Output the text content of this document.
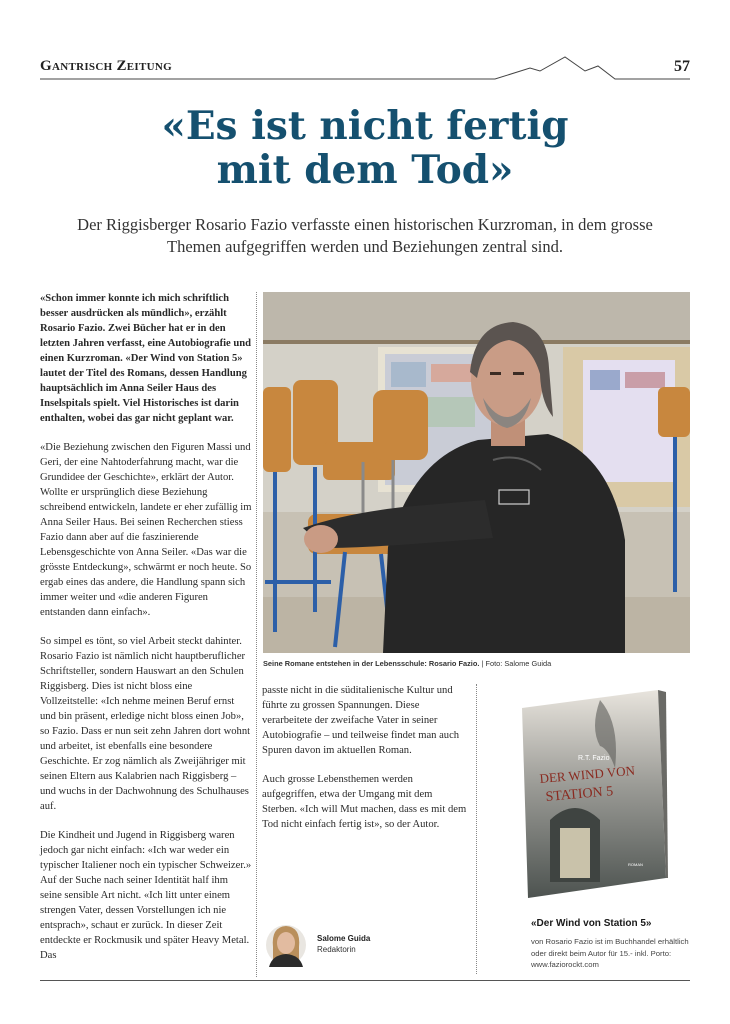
Gantrisch Zeitung	57
«Es ist nicht fertig
mit dem Tod»
Der Riggisberger Rosario Fazio verfasste einen historischen Kurzroman, in dem grosse
Themen aufgegriffen werden und Beziehungen zentral sind.

«Schon immer konnte ich mich schriftlich besser ausdrücken als mündlich», erzählt Rosario Fazio. Zwei Bücher hat er in den letzten Jahren verfasst, eine Autobiografie und einen Kurzroman. «Der Wind von Station 5» lautet der Titel des Romans, dessen Handlung hauptsächlich im Anna Seiler Haus des Inselspitals spielt. Viel Historisches ist darin enthalten, wobei das gar nicht geplant war.

«Die Beziehung zwischen den Figuren Massi und Geri, der eine Nahtoderfahrung macht, war die Grundidee der Geschichte», erklärt der Autor. Wollte er ursprünglich diese Beziehung schreibend entwickeln, landete er eher zufällig im Anna Seiler Haus. Bei seinen Recherchen stiess Fazio dann aber auf die faszinierende Lebensgeschichte von Anna Seiler. «Das war die grösste Entdeckung», schwärmt er noch heute. So ergab eines das andere, die Handlung spann sich immer weiter und «die anderen Figuren entstanden dann einfach».

So simpel es tönt, so viel Arbeit steckt dahinter. Rosario Fazio ist nämlich nicht hauptberuflicher Schriftsteller, sondern Hauswart an den Schulen Riggisberg. Dies ist nicht bloss eine Vollzeitstelle: «Ich nehme meinen Beruf ernst und bin präsent, erledige nicht bloss einen Job», so Fazio. Dass er nun seit zehn Jahren dort wohnt und arbeitet, ist ebenfalls eine besondere Geschichte. Er zog nämlich als Zweijähriger mit seinen Eltern aus Kalabrien nach Riggisberg – und wuchs in der Dachwohnung des Schulhauses auf.

Die Kindheit und Jugend in Riggisberg waren jedoch gar nicht einfach: «Ich war weder ein typischer Italiener noch ein typischer Schweizer.» Auf der Suche nach seiner Identität half ihm seine sensible Art nicht. «Ich litt unter einem strengen Vater, dessen Vorstellungen ich nie entsprach», schaut er zurück. In dieser Zeit entdeckte er Rockmusik und später Heavy Metal. Das

Seine Romane entstehen in der Lebensschule: Rosario Fazio. | Foto: Salome Guida

passte nicht in die süditalienische Kultur und führte zu grossen Spannungen. Diese verarbeitete der zweifache Vater in seiner Autobiografie – und teilweise findet man auch Spuren davon im aktuellen Roman.

Auch grosse Lebensthemen werden aufgegriffen, etwa der Umgang mit dem Sterben. «Ich will Mut machen, dass es mit dem Tod nicht einfach fertig ist», so der Autor.

R.T. Fazio
DER WIND VON
STATION 5
ROMAN
«Der Wind von Station 5»
von Rosario Fazio ist im Buchhandel erhältlich oder direkt beim Autor für 15.- inkl. Porto: www.faziorockt.com
Salome Guida
Redaktorin
